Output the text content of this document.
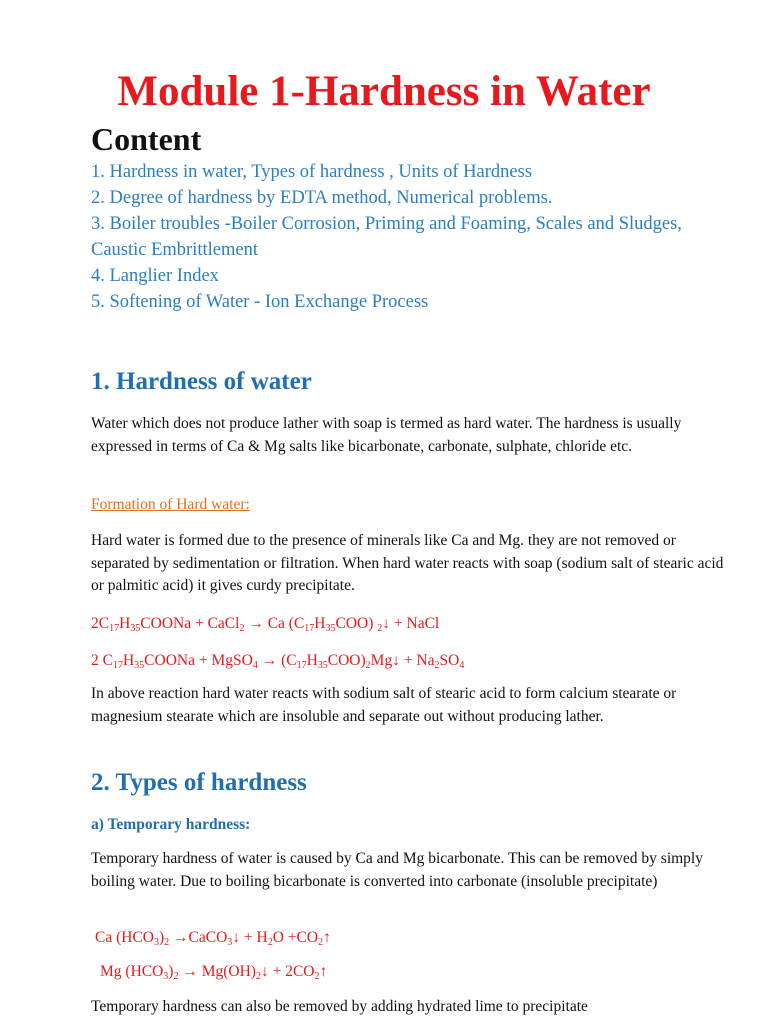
Module 1-Hardness in Water
Content
1. Hardness in water, Types of hardness , Units of Hardness
2. Degree of hardness by EDTA method, Numerical problems.
3. Boiler troubles -Boiler Corrosion, Priming and Foaming, Scales and Sludges, Caustic Embrittlement
4. Langlier Index
5. Softening of Water - Ion Exchange Process
1. Hardness of water

Water which does not produce lather with soap is termed as hard water. The hardness is usually expressed in terms of Ca & Mg salts like bicarbonate, carbonate, sulphate, chloride etc.

Formation of Hard water:

Hard water is formed due to the presence of minerals like Ca and Mg. they are not removed or separated by sedimentation or filtration. When hard water reacts with soap (sodium salt of stearic acid or palmitic acid) it gives curdy precipitate.

$2C_{17}H_{35}COONa$ + CaCl$_2$ → Ca $(C_{17}H_{35}COO)$ $_2$↓ + NaCl

2 $C_{17}H_{35}COONa$ + MgSO$_4$ → $(C_{17}H_{35}COO)_2Mg↓ + Na_2SO_4$

In above reaction hard water reacts with sodium salt of stearic acid to form calcium stearate or magnesium stearate which are insoluble and separate out without producing lather.

2. Types of hardness

a) Temporary hardness:

Temporary hardness of water is caused by Ca and Mg bicarbonate. This can be removed by simply boiling water. Due to boiling bicarbonate is converted into carbonate (insoluble precipitate)

Ca $(HCO_3)_2$ →CaCO$_3$↓ + $H_2O$ $+CO_2↑$

Mg $(HCO_3)_2$ → $Mg(OH)_2↓$ + $2CO_2↑$

Temporary hardness can also be removed by adding hydrated lime to precipitate
